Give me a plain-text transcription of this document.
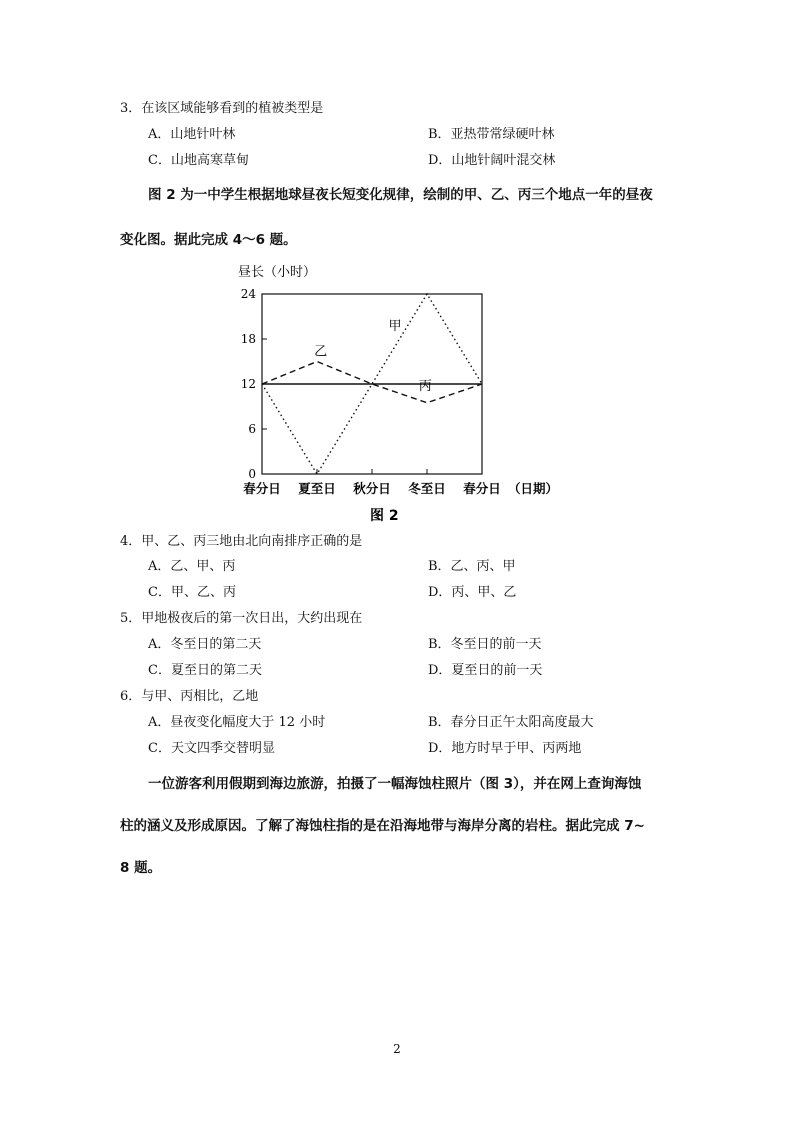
3．在该区域能够看到的植被类型是
A．山地针叶林	B．亚热带常绿硬叶林
C．山地高寒草甸	D．山地针阔叶混交林
图 2 为一中学生根据地球昼夜长短变化规律，绘制的甲、乙、丙三个地点一年的昼夜
变化图。据此完成 4～6 题。
昼长（小时）
0
6
12
18
24
春分日 夏至日 秋分日 冬至日 春分日 （日期）
甲
乙
丙
图 2
4．甲、乙、丙三地由北向南排序正确的是
A．乙、甲、丙	B．乙、丙、甲
C．甲、乙、丙	D．丙、甲、乙
5．甲地极夜后的第一次日出，大约出现在
A．冬至日的第二天	B．冬至日的前一天
C．夏至日的第二天	D．夏至日的前一天
6．与甲、丙相比，乙地
A．昼夜变化幅度大于 12 小时	B．春分日正午太阳高度最大
C．天文四季交替明显	D．地方时早于甲、丙两地
一位游客利用假期到海边旅游，拍摄了一幅海蚀柱照片（图 3），并在网上查询海蚀
柱的涵义及形成原因。了解了海蚀柱指的是在沿海地带与海岸分离的岩柱。据此完成 7~
8 题。
2
